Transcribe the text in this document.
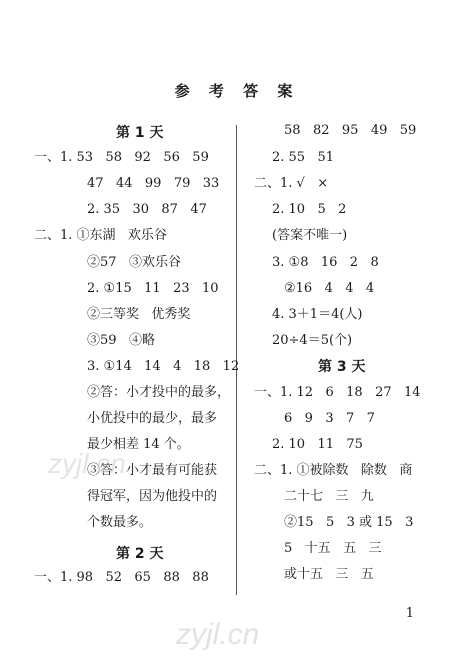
参 考 答 案
第 1 天
一、1. 53   58   92   56   59
47   44   99   79   33
2. 35   30   87   47
二、1. ①东湖   欢乐谷
②57   ③欢乐谷
2. ①15   11   23   10
②三等奖   优秀奖
③59   ④略
3. ①14   14   4   18   12
②答：小才投中的最多，
小优投中的最少，最多
最少相差 14 个。
③答：小才最有可能获
得冠军，因为他投中的
个数最多。
第 2 天
一、1. 98   52   65   88   88
58   82   95   49   59
2. 55   51
二、1. √   ×
2. 10   5   2
(答案不唯一)
3. ①8   16   2   8
②16   4   4   4
4. 3＋1＝4(人)
20÷4＝5(个)
第 3 天
一、1. 12   6   18   27   14
6   9   3   7   7
2. 10   11   75
二、1. ①被除数   除数   商
二十七   三   九
②15   5   3 或 15   3
5   十五   五   三
或十五   三   五
1
zyjl.cn
zyjl.cn
